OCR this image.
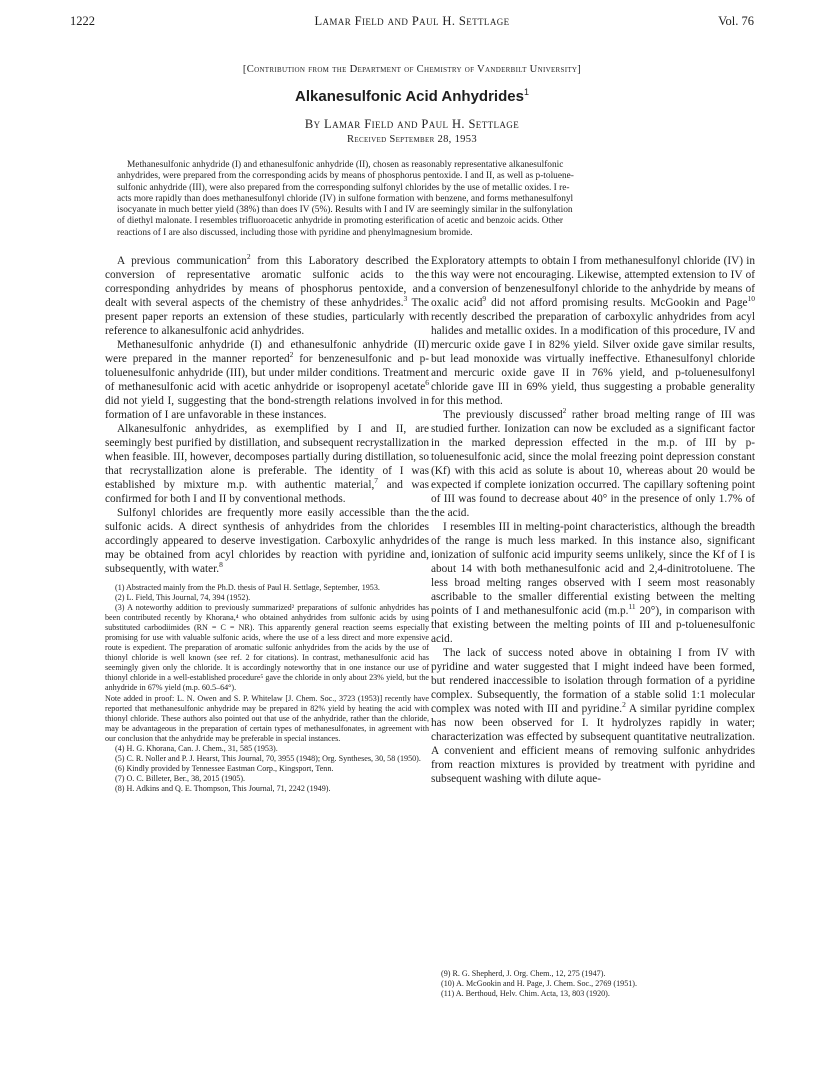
1222	Lamar Field and Paul H. Settlage	Vol. 76
[Contribution from the Department of Chemistry of Vanderbilt University]
Alkanesulfonic Acid Anhydrides$^1$
By Lamar Field and Paul H. Settlage
Received September 28, 1953
Methanesulfonic anhydride (I) and ethanesulfonic anhydride (II), chosen as reasonably representative alkanesulfonic
anhydrides, were prepared from the corresponding acids by means of phosphorus pentoxide. I and II, as well as p-toluene-
sulfonic anhydride (III), were also prepared from the corresponding sulfonyl chlorides by the use of metallic oxides. I re-
acts more rapidly than does methanesulfonyl chloride (IV) in sulfone formation with benzene, and forms methanesulfonyl
isocyanate in much better yield (38%) than does IV (5%). Results with I and IV are seemingly similar in the sulfonylation
of diethyl malonate. I resembles trifluoroacetic anhydride in promoting esterification of acetic and benzoic acids. Other
reactions of I are also discussed, including those with pyridine and phenylmagnesium bromide.

A previous communication$^2$ from this Laboratory described the conversion of representative aromatic sulfonic acids to the corresponding anhydrides by means of phosphorus pentoxide, and dealt with several aspects of the chemistry of these anhydrides.$^3$ The present paper reports an extension of these studies, particularly with reference to alkanesulfonic acid anhydrides.

Methanesulfonic anhydride (I) and ethanesulfonic anhydride (II) were prepared in the manner reported$^2$ for benzenesulfonic and p-toluenesulfonic anhydride (III), but under milder conditions. Treatment of methanesulfonic acid with acetic anhydride or isopropenyl acetate$^6$ did not yield I, suggesting that the bond-strength relations involved in formation of I are unfavorable in these instances.

Alkanesulfonic anhydrides, as exemplified by I and II, are seemingly best purified by distillation, and subsequent recrystallization when feasible. III, however, decomposes partially during distillation, so that recrystallization alone is preferable. The identity of I was established by mixture m.p. with authentic material,$^7$ and was confirmed for both I and II by conventional methods.

Sulfonyl chlorides are frequently more easily accessible than the sulfonic acids. A direct synthesis of anhydrides from the chlorides accordingly appeared to deserve investigation. Carboxylic anhydrides may be obtained from acyl chlorides by reaction with pyridine and, subsequently, with water.$^8$

(1) Abstracted mainly from the Ph.D. thesis of Paul H. Settlage, September, 1953.

(2) L. Field, This Journal, 74, 394 (1952).

(3) A noteworthy addition to previously summarized² preparations of sulfonic anhydrides has been contributed recently by Khorana,⁴ who obtained anhydrides from sulfonic acids by using substituted carbodiimides (RN = C = NR). This apparently general reaction seems especially promising for use with valuable sulfonic acids, where the use of a less direct and more expensive route is expedient. The preparation of aromatic sulfonic anhydrides from the acids by the use of thionyl chloride is well known (see ref. 2 for citations). In contrast, methanesulfonic acid has seemingly given only the chloride. It is accordingly noteworthy that in one instance our use of thionyl chloride in a well-established procedure⁵ gave the chloride in only about 23% yield, but the anhydride in 67% yield (m.p. 60.5–64°).

Note added in proof: L. N. Owen and S. P. Whitelaw [J. Chem. Soc., 3723 (1953)] recently have reported that methanesulfonic anhydride may be prepared in 82% yield by heating the acid with thionyl chloride. These authors also pointed out that use of the anhydride, rather than the chloride, may be advantageous in the preparation of certain types of methanesulfonates, in agreement with our conclusion that the anhydride may be preferable in special instances.

(4) H. G. Khorana, Can. J. Chem., 31, 585 (1953).

(5) C. R. Noller and P. J. Hearst, This Journal, 70, 3955 (1948); Org. Syntheses, 30, 58 (1950).

(6) Kindly provided by Tennessee Eastman Corp., Kingsport, Tenn.

(7) O. C. Billeter, Ber., 38, 2015 (1905).

(8) H. Adkins and Q. E. Thompson, This Journal, 71, 2242 (1949).

Exploratory attempts to obtain I from methanesulfonyl chloride (IV) in this way were not encouraging. Likewise, attempted extension to IV of a conversion of benzenesulfonyl chloride to the anhydride by means of oxalic acid$^9$ did not afford promising results. McGookin and Page$^{10}$ recently described the preparation of carboxylic anhydrides from acyl halides and metallic oxides. In a modification of this procedure, IV and mercuric oxide gave I in 82% yield. Silver oxide gave similar results, but lead monoxide was virtually ineffective. Ethanesulfonyl chloride and mercuric oxide gave II in 76% yield, and p-toluenesulfonyl chloride gave III in 69% yield, thus suggesting a probable generality for this method.

The previously discussed$^2$ rather broad melting range of III was studied further. Ionization can now be excluded as a significant factor in the marked depression effected in the m.p. of III by p-toluenesulfonic acid, since the molal freezing point depression constant (Kf) with this acid as solute is about 10, whereas about 20 would be expected if complete ionization occurred. The capillary softening point of III was found to decrease about 40° in the presence of only 1.7% of the acid.

I resembles III in melting-point characteristics, although the breadth of the range is much less marked. In this instance also, significant ionization of sulfonic acid impurity seems unlikely, since the Kf of I is about 14 with both methanesulfonic acid and 2,4-dinitrotoluene. The less broad melting ranges observed with I seem most reasonably ascribable to the smaller differential existing between the melting points of I and methanesulfonic acid (m.p.$^{11}$ 20°), in comparison with that existing between the melting points of III and p-toluenesulfonic acid.

The lack of success noted above in obtaining I from IV with pyridine and water suggested that I might indeed have been formed, but rendered inaccessible to isolation through formation of a pyridine complex. Subsequently, the formation of a stable solid 1:1 molecular complex was noted with III and pyridine.$^2$ A similar pyridine complex has now been observed for I. It hydrolyzes rapidly in water; characterization was effected by subsequent quantitative neutralization. A convenient and efficient means of removing sulfonic anhydrides from reaction mixtures is provided by treatment with pyridine and subsequent washing with dilute aque-

(9) R. G. Shepherd, J. Org. Chem., 12, 275 (1947).

(10) A. McGookin and H. Page, J. Chem. Soc., 2769 (1951).

(11) A. Berthoud, Helv. Chim. Acta, 13, 803 (1920).
